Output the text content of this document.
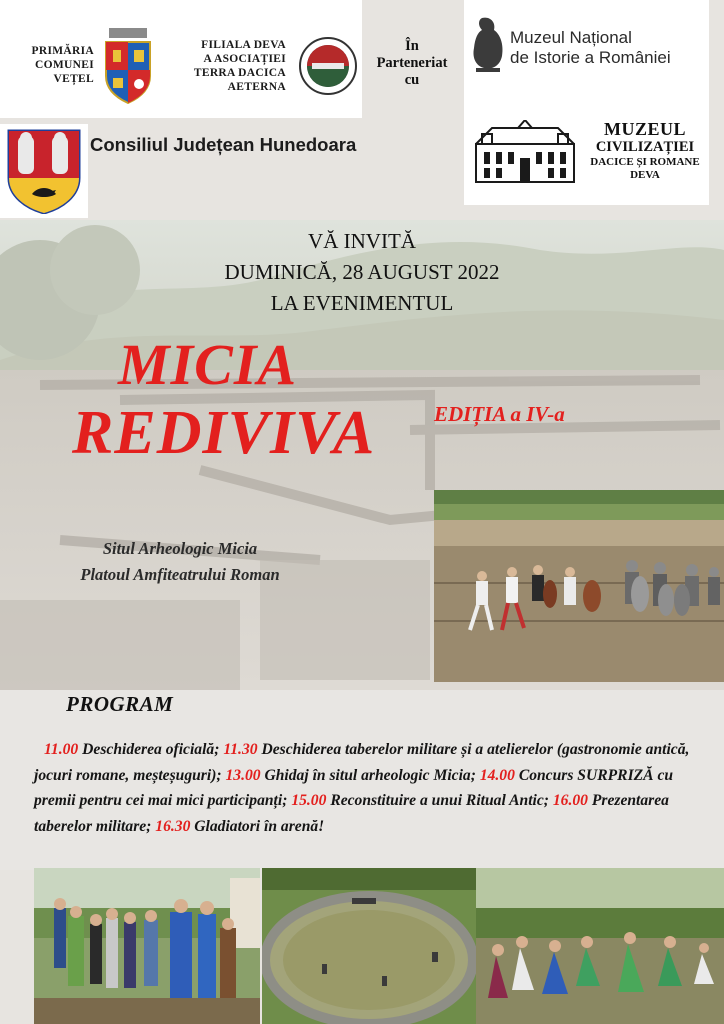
PRIMĂRIA
COMUNEI
VEȚEL
FILIALA DEVA
A ASOCIAȚIEI
TERRA DACICA
AETERNA
În
Parteneriat
cu
Muzeul Național
de Istorie a României
Consiliul Județean Hunedoara
MUZEUL
CIVILIZAȚIEI
DACICE ȘI ROMANE
DEVA
VĂ INVITĂ
DUMINICĂ, 28 AUGUST 2022
LA EVENIMENTUL
MICIA
REDIVIVA	EDIȚIA a IV-a
Situl Arheologic Micia
Platoul Amfiteatrului Roman
PROGRAM
11.00 Deschiderea oficială; 11.30 Deschiderea taberelor militare și a atelierelor (gastronomie antică, jocuri romane, meșteșuguri); 13.00 Ghidaj în situl arheologic Micia; 14.00 Concurs SURPRIZĂ cu premii pentru cei mai mici participanți; 15.00 Reconstituire a unui Ritual Antic; 16.00 Prezentarea taberelor militare; 16.30 Gladiatori în arenă!
